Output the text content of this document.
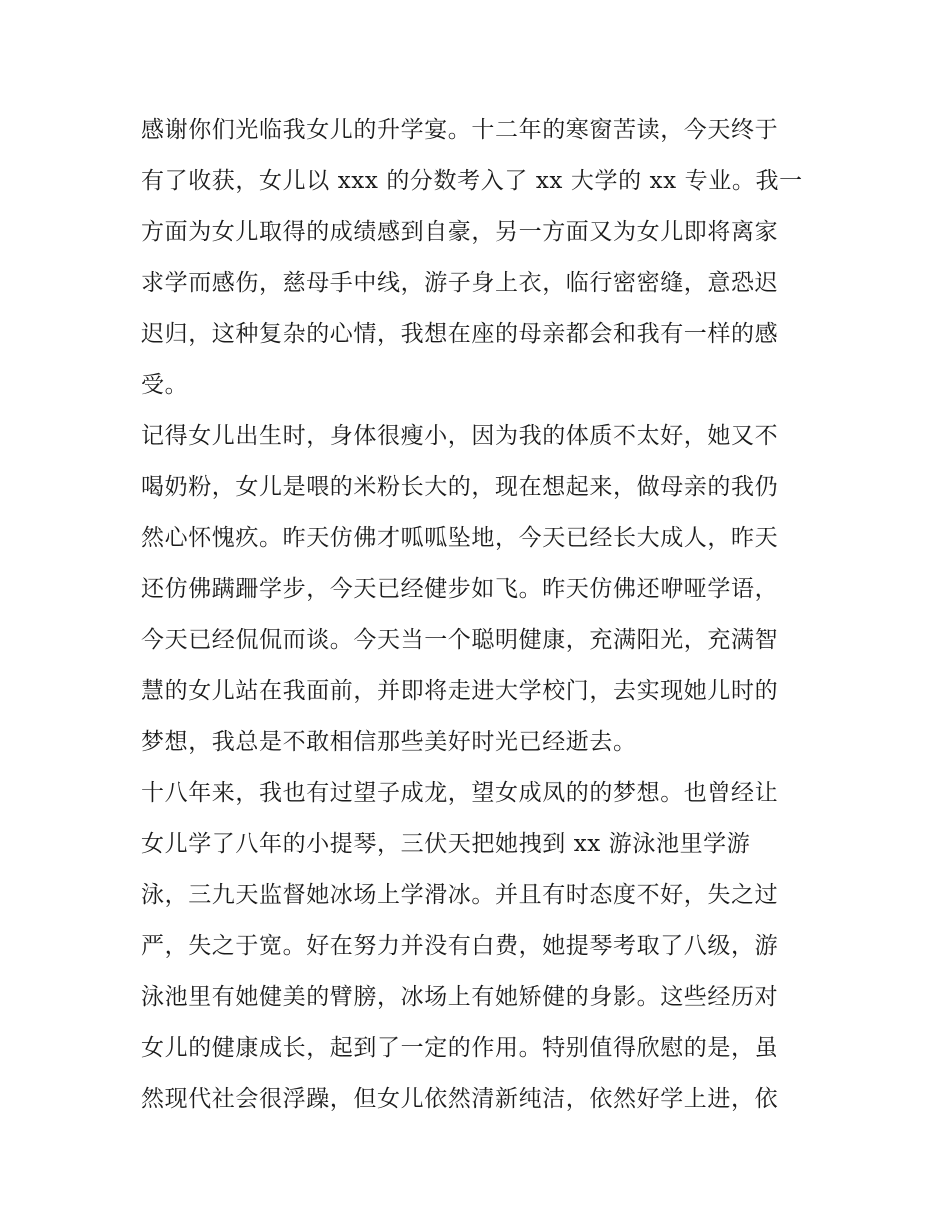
感谢你们光临我女儿的升学宴。十二年的寒窗苦读，今天终于
有了收获，女儿以 xxx 的分数考入了 xx 大学的 xx 专业。我一
方面为女儿取得的成绩感到自豪，另一方面又为女儿即将离家
求学而感伤，慈母手中线，游子身上衣，临行密密缝，意恐迟
迟归，这种复杂的心情，我想在座的母亲都会和我有一样的感
受。
记得女儿出生时，身体很瘦小，因为我的体质不太好，她又不
喝奶粉，女儿是喂的米粉长大的，现在想起来，做母亲的我仍
然心怀愧疚。昨天仿佛才呱呱坠地，今天已经长大成人，昨天
还仿佛蹒跚学步，今天已经健步如飞。昨天仿佛还咿哑学语，
今天已经侃侃而谈。今天当一个聪明健康，充满阳光，充满智
慧的女儿站在我面前，并即将走进大学校门，去实现她儿时的
梦想，我总是不敢相信那些美好时光已经逝去。
十八年来，我也有过望子成龙，望女成凤的的梦想。也曾经让
女儿学了八年的小提琴，三伏天把她拽到 xx 游泳池里学游
泳，三九天监督她冰场上学滑冰。并且有时态度不好，失之过
严，失之于宽。好在努力并没有白费，她提琴考取了八级，游
泳池里有她健美的臂膀，冰场上有她矫健的身影。这些经历对
女儿的健康成长，起到了一定的作用。特别值得欣慰的是，虽
然现代社会很浮躁，但女儿依然清新纯洁，依然好学上进，依
